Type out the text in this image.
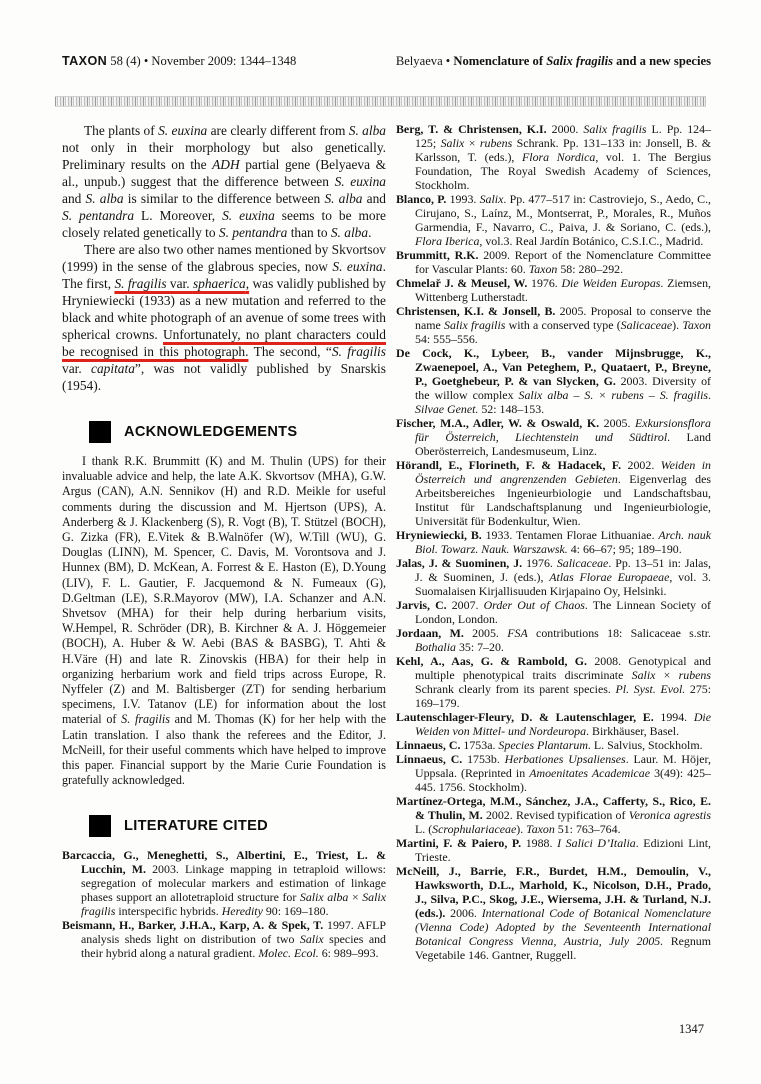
TAXON 58 (4) • November 2009: 1344–1348	Belyaeva • Nomenclature of Salix fragilis and a new species

The plants of S. euxina are clearly different from S. alba not only in their morphology but also genetically. Preliminary results on the ADH partial gene (Belyaeva & al., unpub.) suggest that the difference between S. euxina and S. alba is similar to the difference between S. alba and S. pentandra L. Moreover, S. euxina seems to be more closely related genetically to S. pentandra than to S. alba.

There are also two other names mentioned by Skvortsov (1999) in the sense of the glabrous species, now S. euxina. The first, S. fragilis var. sphaerica, was validly published by Hryniewiecki (1933) as a new mutation and referred to the black and white photograph of an avenue of some trees with spherical crowns. Unfortunately, no plant characters could be recognised in this photograph. The second, “S. fragilis var. capitata”, was not validly published by Snarskis (1954).

ACKNOWLEDGEMENTS

I thank R.K. Brummitt (K) and M. Thulin (UPS) for their invaluable advice and help, the late A.K. Skvortsov (MHA), G.W. Argus (CAN), A.N. Sennikov (H) and R.D. Meikle for useful comments during the discussion and M. Hjertson (UPS), A. Anderberg & J. Klackenberg (S), R. Vogt (B), T. Stützel (BOCH), G. Zizka (FR), E.Vitek & B.Walnöfer (W), W.Till (WU), G. Douglas (LINN), M. Spencer, C. Davis, M. Vorontsova and J. Hunnex (BM), D. McKean, A. Forrest & E. Haston (E), D.Young (LIV), F. L. Gautier, F. Jacquemond & N. Fumeaux (G), D.Geltman (LE), S.R.Mayorov (MW), I.A. Schanzer and A.N. Shvetsov (MHA) for their help during herbarium visits, W.Hempel, R. Schröder (DR), B. Kirchner & A. J. Höggemeier (BOCH), A. Huber & W. Aebi (BAS & BASBG), T. Ahti & H.Väre (H) and late R. Zinovskis (HBA) for their help in organizing herbarium work and field trips across Europe, R. Nyffeler (Z) and M. Baltisberger (ZT) for sending herbarium specimens, I.V. Tatanov (LE) for information about the lost material of S. fragilis and M. Thomas (K) for her help with the Latin translation. I also thank the referees and the Editor, J. McNeill, for their useful comments which have helped to improve this paper. Financial support by the Marie Curie Foundation is gratefully acknowledged.

LITERATURE CITED

Barcaccia, G., Meneghetti, S., Albertini, E., Triest, L. & Lucchin, M. 2003. Linkage mapping in tetraploid willows: segregation of molecular markers and estimation of linkage phases support an allotetraploid structure for Salix alba × Salix fragilis interspecific hybrids. Heredity 90: 169–180.

Beismann, H., Barker, J.H.A., Karp, A. & Spek, T. 1997. AFLP analysis sheds light on distribution of two Salix species and their hybrid along a natural gradient. Molec. Ecol. 6: 989–993.

Berg, T. & Christensen, K.I. 2000. Salix fragilis L. Pp. 124–125; Salix × rubens Schrank. Pp. 131–133 in: Jonsell, B. & Karlsson, T. (eds.), Flora Nordica, vol. 1. The Bergius Foundation, The Royal Swedish Academy of Sciences, Stockholm.

Blanco, P. 1993. Salix. Pp. 477–517 in: Castroviejo, S., Aedo, C., Cirujano, S., Laínz, M., Montserrat, P., Morales, R., Muños Garmendia, F., Navarro, C., Paiva, J. & Soriano, C. (eds.), Flora Iberica, vol.3. Real Jardín Botánico, C.S.I.C., Madrid.

Brummitt, R.K. 2009. Report of the Nomenclature Committee for Vascular Plants: 60. Taxon 58: 280–292.

Chmelař J. & Meusel, W. 1976. Die Weiden Europas. Ziemsen, Wittenberg Lutherstadt.

Christensen, K.I. & Jonsell, B. 2005. Proposal to conserve the name Salix fragilis with a conserved type (Salicaceae). Taxon 54: 555–556.

De Cock, K., Lybeer, B., vander Mijnsbrugge, K., Zwaenepoel, A., Van Peteghem, P., Quataert, P., Breyne, P., Goetghebeur, P. & van Slycken, G. 2003. Diversity of the willow complex Salix alba – S. × rubens – S. fragilis. Silvae Genet. 52: 148–153.

Fischer, M.A., Adler, W. & Oswald, K. 2005. Exkursionsflora für Österreich, Liechtenstein und Südtirol. Land Oberösterreich, Landesmuseum, Linz.

Hörandl, E., Florineth, F. & Hadacek, F. 2002. Weiden in Österreich und angrenzenden Gebieten. Eigenverlag des Arbeitsbereiches Ingenieurbiologie und Landschaftsbau, Institut für Landschaftsplanung und Ingenieurbiologie, Universität für Bodenkultur, Wien.

Hryniewiecki, B. 1933. Tentamen Florae Lithuaniae. Arch. nauk Biol. Towarz. Nauk. Warszawsk. 4: 66–67; 95; 189–190.

Jalas, J. & Suominen, J. 1976. Salicaceae. Pp. 13–51 in: Jalas, J. & Suominen, J. (eds.), Atlas Florae Europaeae, vol. 3. Suomalaisen Kirjallisuuden Kirjapaino Oy, Helsinki.

Jarvis, C. 2007. Order Out of Chaos. The Linnean Society of London, London.

Jordaan, M. 2005. FSA contributions 18: Salicaceae s.str. Bothalia 35: 7–20.

Kehl, A., Aas, G. & Rambold, G. 2008. Genotypical and multiple phenotypical traits discriminate Salix × rubens Schrank clearly from its parent species. Pl. Syst. Evol. 275: 169–179.

Lautenschlager-Fleury, D. & Lautenschlager, E. 1994. Die Weiden von Mittel- und Nordeuropa. Birkhäuser, Basel.

Linnaeus, C. 1753a. Species Plantarum. L. Salvius, Stockholm.

Linnaeus, C. 1753b. Herbationes Upsalienses. Laur. M. Höjer, Uppsala. (Reprinted in Amoenitates Academicae 3(49): 425–445. 1756. Stockholm).

Martínez-Ortega, M.M., Sánchez, J.A., Cafferty, S., Rico, E. & Thulin, M. 2002. Revised typification of Veronica agrestis L. (Scrophulariaceae). Taxon 51: 763–764.

Martini, F. & Paiero, P. 1988. I Salici D’Italia. Edizioni Lint, Trieste.

McNeill, J., Barrie, F.R., Burdet, H.M., Demoulin, V., Hawksworth, D.L., Marhold, K., Nicolson, D.H., Prado, J., Silva, P.C., Skog, J.E., Wiersema, J.H. & Turland, N.J. (eds.). 2006. International Code of Botanical Nomenclature (Vienna Code) Adopted by the Seventeenth International Botanical Congress Vienna, Austria, July 2005. Regnum Vegetabile 146. Gantner, Ruggell.

1347
